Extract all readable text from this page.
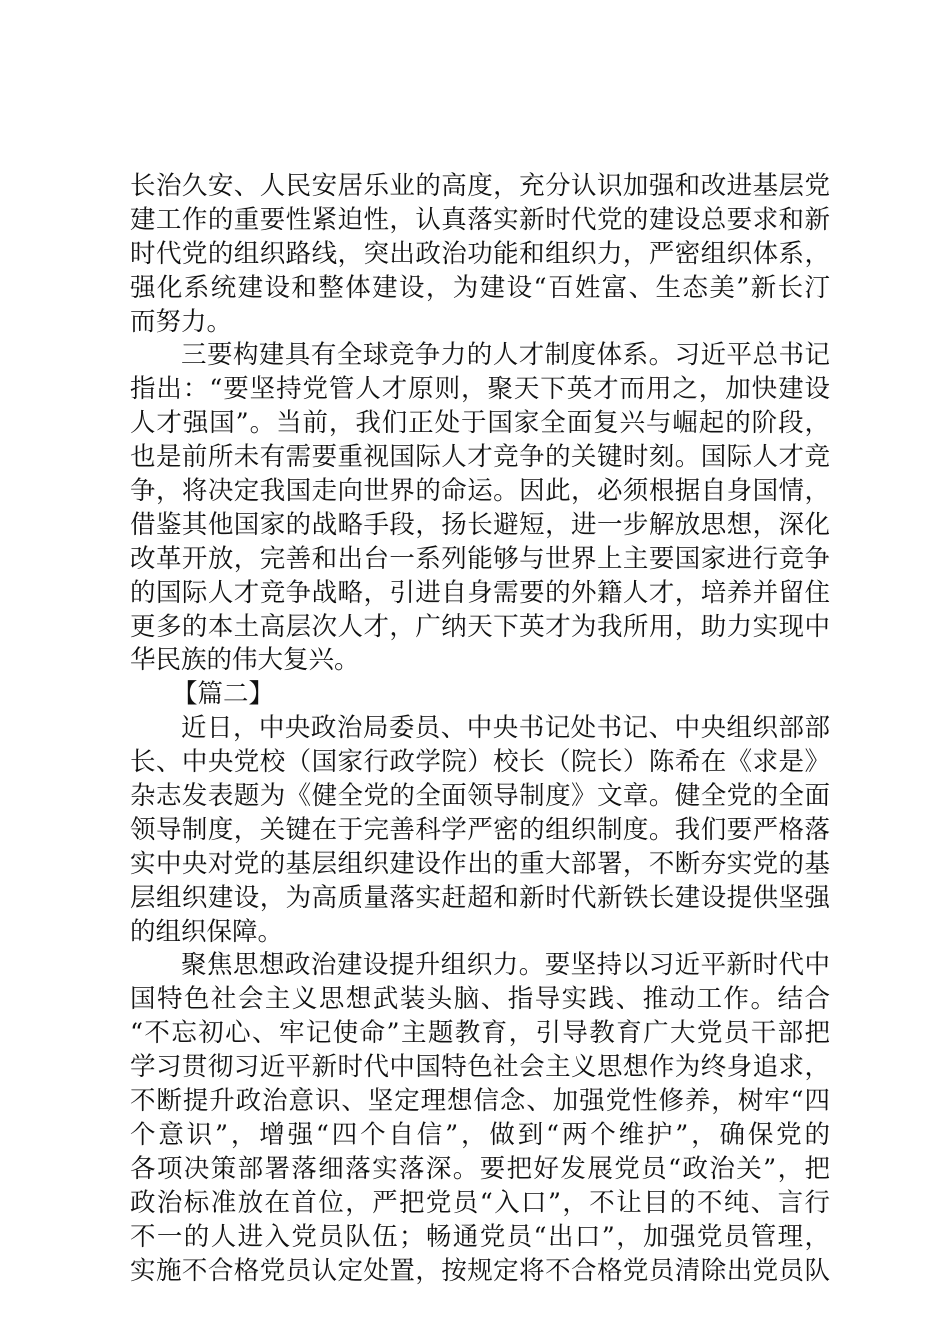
长治久安、人民安居乐业的高度，充分认识加强和改进基层党
建工作的重要性紧迫性，认真落实新时代党的建设总要求和新
时代党的组织路线，突出政治功能和组织力，严密组织体系，
强化系统建设和整体建设，为建设“百姓富、生态美”新长汀
而努力。
三要构建具有全球竞争力的人才制度体系。习近平总书记
指出：“要坚持党管人才原则，聚天下英才而用之，加快建设
人才强国”。当前，我们正处于国家全面复兴与崛起的阶段，
也是前所未有需要重视国际人才竞争的关键时刻。国际人才竞
争，将决定我国走向世界的命运。因此，必须根据自身国情，
借鉴其他国家的战略手段，扬长避短，进一步解放思想，深化
改革开放，完善和出台一系列能够与世界上主要国家进行竞争
的国际人才竞争战略，引进自身需要的外籍人才，培养并留住
更多的本土高层次人才，广纳天下英才为我所用，助力实现中
华民族的伟大复兴。
【篇二】
近日，中央政治局委员、中央书记处书记、中央组织部部
长、中央党校（国家行政学院）校长（院长）陈希在《求是》
杂志发表题为《健全党的全面领导制度》文章。健全党的全面
领导制度，关键在于完善科学严密的组织制度。我们要严格落
实中央对党的基层组织建设作出的重大部署，不断夯实党的基
层组织建设，为高质量落实赶超和新时代新铁长建设提供坚强
的组织保障。
聚焦思想政治建设提升组织力。要坚持以习近平新时代中
国特色社会主义思想武装头脑、指导实践、推动工作。结合
“不忘初心、牢记使命”主题教育，引导教育广大党员干部把
学习贯彻习近平新时代中国特色社会主义思想作为终身追求，
不断提升政治意识、坚定理想信念、加强党性修养，树牢“四
个意识”，增强“四个自信”，做到“两个维护”，确保党的
各项决策部署落细落实落深。要把好发展党员“政治关”，把
政治标准放在首位，严把党员“入口”，不让目的不纯、言行
不一的人进入党员队伍；畅通党员“出口”，加强党员管理，
实施不合格党员认定处置，按规定将不合格党员清除出党员队
